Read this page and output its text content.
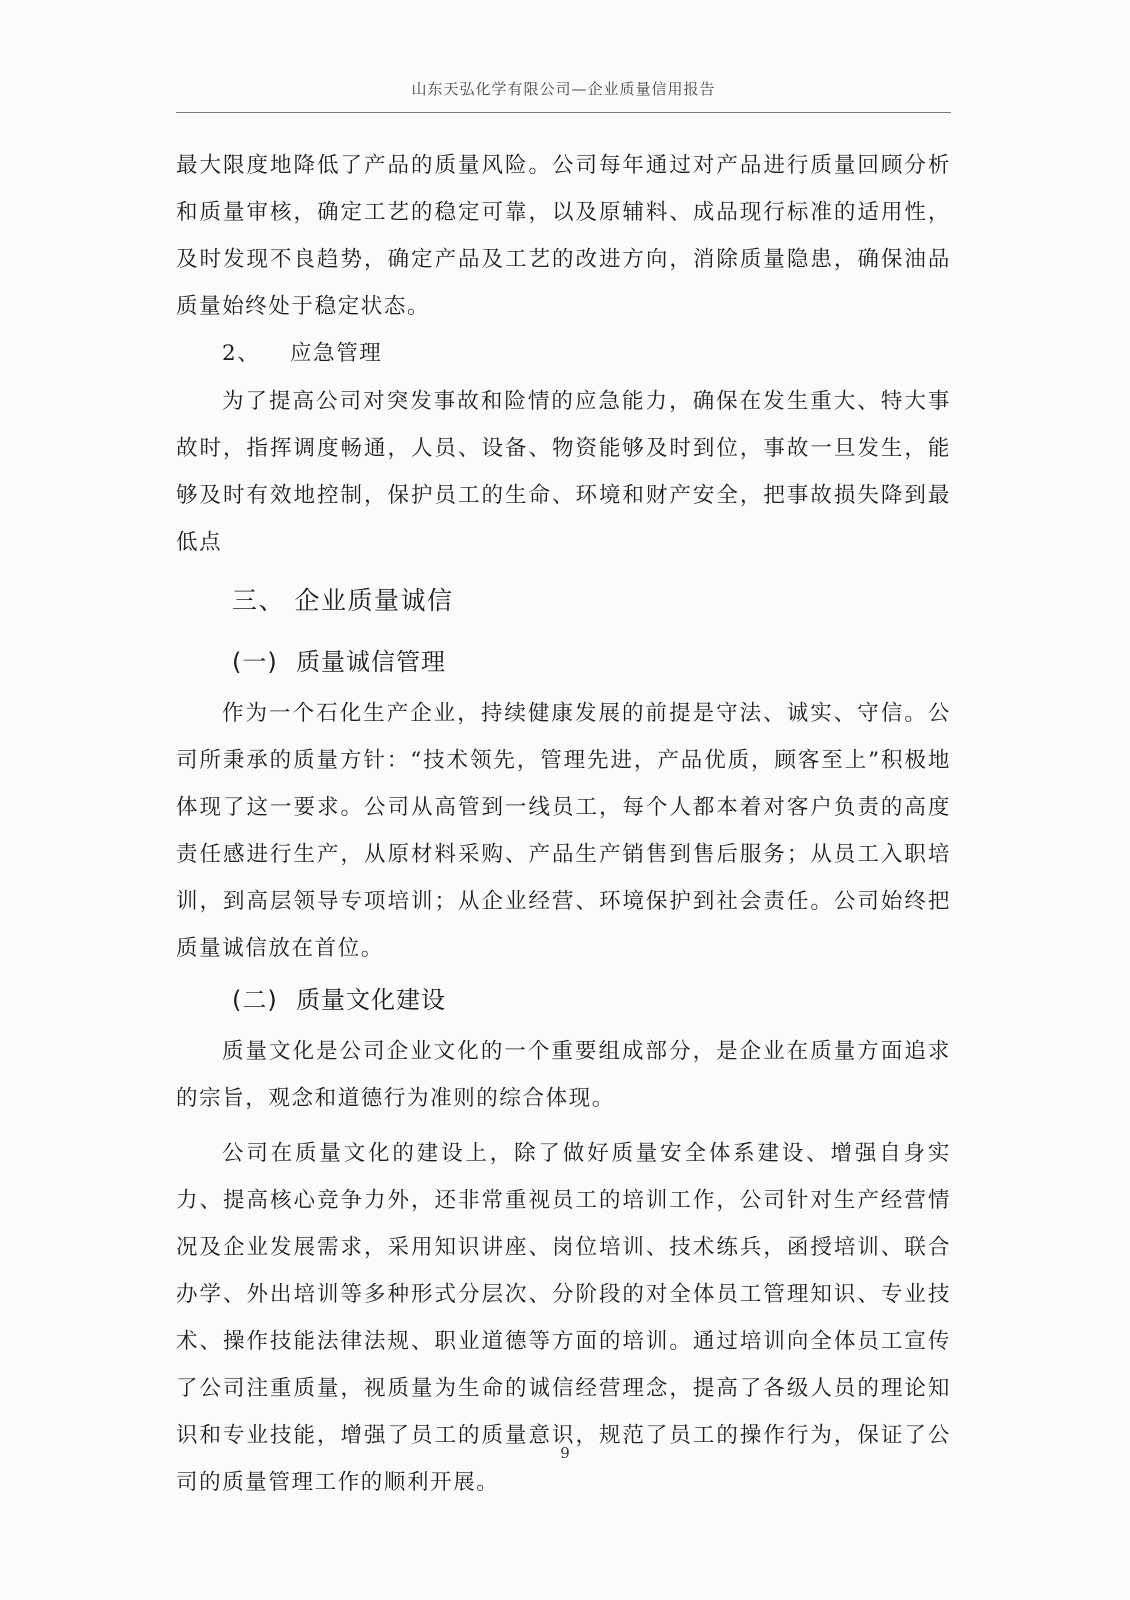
山东天弘化学有限公司—企业质量信用报告

最大限度地降低了产品的质量风险。公司每年通过对产品进行质量回顾分析和质量审核，确定工艺的稳定可靠，以及原辅料、成品现行标准的适用性，及时发现不良趋势，确定产品及工艺的改进方向，消除质量隐患，确保油品质量始终处于稳定状态。

2、 应急管理

为了提高公司对突发事故和险情的应急能力，确保在发生重大、特大事故时，指挥调度畅通，人员、设备、物资能够及时到位，事故一旦发生，能够及时有效地控制，保护员工的生命、环境和财产安全，把事故损失降到最低点

三、 企业质量诚信
(一) 质量诚信管理

作为一个石化生产企业，持续健康发展的前提是守法、诚实、守信。公司所秉承的质量方针：“技术领先，管理先进，产品优质，顾客至上”积极地体现了这一要求。公司从高管到一线员工，每个人都本着对客户负责的高度责任感进行生产，从原材料采购、产品生产销售到售后服务；从员工入职培训，到高层领导专项培训；从企业经营、环境保护到社会责任。公司始终把质量诚信放在首位。

(二) 质量文化建设

质量文化是公司企业文化的一个重要组成部分，是企业在质量方面追求的宗旨，观念和道德行为准则的综合体现。

公司在质量文化的建设上，除了做好质量安全体系建设、增强自身实力、提高核心竞争力外，还非常重视员工的培训工作，公司针对生产经营情况及企业发展需求，采用知识讲座、岗位培训、技术练兵，函授培训、联合办学、外出培训等多种形式分层次、分阶段的对全体员工管理知识、专业技术、操作技能法律法规、职业道德等方面的培训。通过培训向全体员工宣传了公司注重质量，视质量为生命的诚信经营理念，提高了各级人员的理论知识和专业技能，增强了员工的质量意识，规范了员工的操作行为，保证了公司的质量管理工作的顺利开展。

9
